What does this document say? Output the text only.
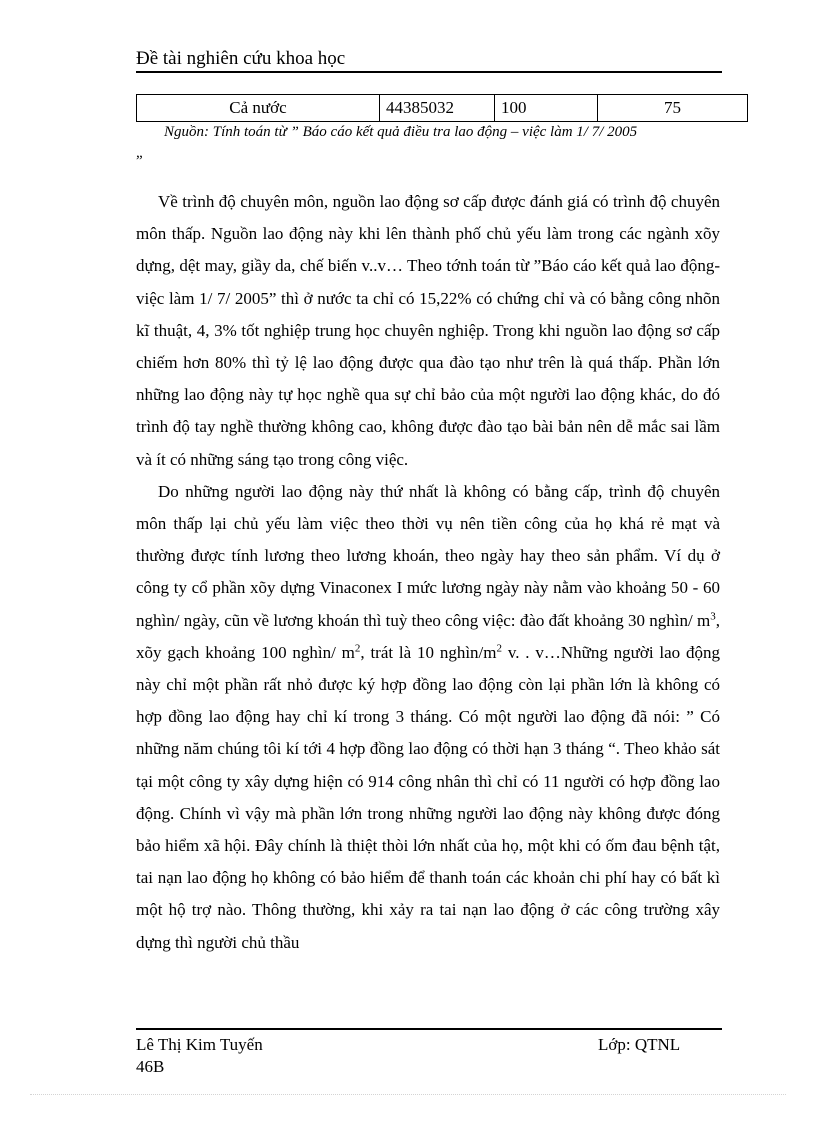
Đề tài nghiên cứu khoa học
Cả nước	44385032	100	75
Nguồn: Tính toán từ ” Báo cáo kết quả điều tra lao động – việc làm 1/ 7/ 2005
”

Về trình độ chuyên môn, nguồn lao động sơ cấp được đánh giá có trình độ chuyên môn thấp. Nguồn lao động này khi lên thành phố chủ yếu làm trong các ngành xõy dựng, dệt may, giầy da, chế biến v..v… Theo tớnh toán từ ”Báo cáo kết quả lao động- việc làm 1/ 7/ 2005” thì ở nước ta chỉ có 15,22% có chứng chỉ và có bằng công nhõn kĩ thuật, 4, 3% tốt nghiệp trung học chuyên nghiệp. Trong khi nguồn lao động sơ cấp chiếm hơn 80% thì tỷ lệ lao động được qua đào tạo như trên là quá thấp. Phần lớn những lao động này tự học nghề qua sự chỉ bảo của một người lao động khác, do đó trình độ tay nghề thường không cao, không được đào tạo bài bản nên dễ mắc sai lầm và ít có những sáng tạo trong công việc.

Do những người lao động này thứ nhất là không có bằng cấp, trình độ chuyên môn thấp lại chủ yếu làm việc theo thời vụ nên tiền công của họ khá rẻ mạt và thường được tính lương theo lương khoán, theo ngày hay theo sản phẩm. Ví dụ ở công ty cổ phần xõy dựng Vinaconex I mức lương ngày này nằm vào khoảng 50 - 60 nghìn/ ngày, cũn về lương khoán thì tuỳ theo công việc: đào đất khoảng 30 nghìn/ $m^3$, xõy gạch khoảng 100 nghìn/ $m^2$, trát là 10 nghìn/$m^2$ v. . v…Những người lao động này chỉ một phần rất nhỏ được ký hợp đồng lao động còn lại phần lớn là không có hợp đồng lao động hay chỉ kí trong 3 tháng. Có một người lao động đã nói: ” Có những năm chúng tôi kí tới 4 hợp đồng lao động có thời hạn 3 tháng “. Theo khảo sát tại một công ty xây dựng hiện có 914 công nhân thì chỉ có 11 người có hợp đồng lao động. Chính vì vậy mà phần lớn trong những người lao động này không được đóng bảo hiểm xã hội. Đây chính là thiệt thòi lớn nhất của họ, một khi có ốm đau bệnh tật, tai nạn lao động họ không có bảo hiểm để thanh toán các khoản chi phí hay có bất kì một hộ trợ nào. Thông thường, khi xảy ra tai nạn lao động ở các công trường xây dựng thì người chủ thầu

Lê Thị Kim Tuyến	Lớp: QTNL
46B
